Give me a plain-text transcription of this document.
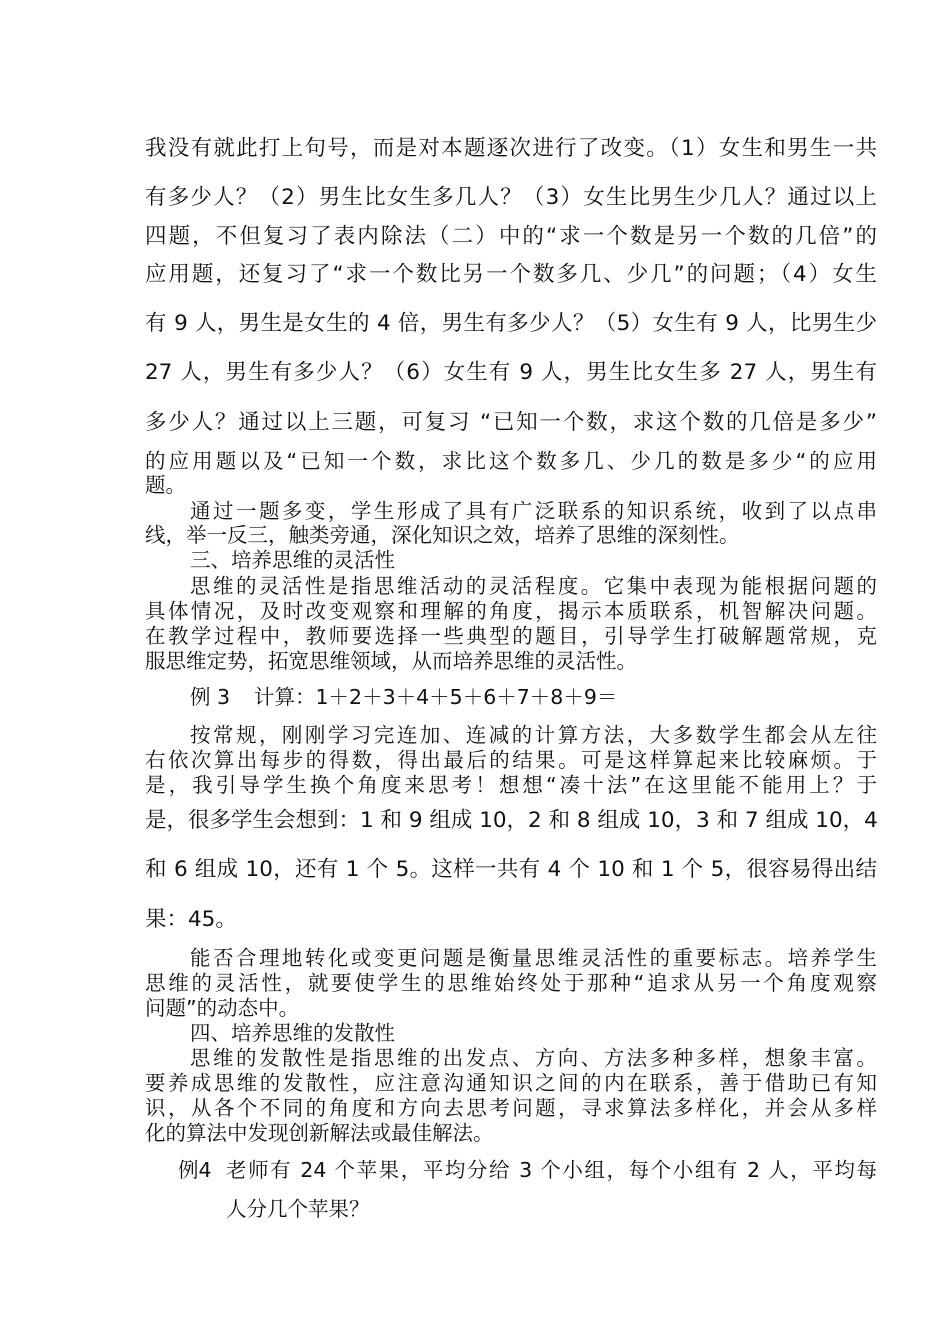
我没有就此打上句号，而是对本题逐次进行了改变。（1）女生和男生一共

有多少人？（2）男生比女生多几人？（3）女生比男生少几人？通过以上

四题，不但复习了表内除法（二）中的“求一个数是另一个数的几倍”的

应用题，还复习了“求一个数比另一个数多几、少几”的问题；（4）女生

有 9 人，男生是女生的 4 倍，男生有多少人？（5）女生有 9 人，比男生少

27 人，男生有多少人？（6）女生有 9 人，男生比女生多 27 人，男生有

多少人？通过以上三题，可复习 “已知一个数，求这个数的几倍是多少”

的应用题以及“已知一个数，求比这个数多几、少几的数是多少“的应用

题。

通过一题多变，学生形成了具有广泛联系的知识系统，收到了以点串

线，举一反三，触类旁通，深化知识之效，培养了思维的深刻性。

三、培养思维的灵活性

思维的灵活性是指思维活动的灵活程度。它集中表现为能根据问题的

具体情况，及时改变观察和理解的角度，揭示本质联系，机智解决问题。

在教学过程中，教师要选择一些典型的题目，引导学生打破解题常规，克

服思维定势，拓宽思维领域，从而培养思维的灵活性。

例 3 计算：1＋2＋3＋4＋5＋6＋7＋8＋9＝

按常规，刚刚学习完连加、连减的计算方法，大多数学生都会从左往

右依次算出每步的得数，得出最后的结果。可是这样算起来比较麻烦。于

是，我引导学生换个角度来思考！想想“凑十法”在这里能不能用上？于

是，很多学生会想到：1 和 9 组成 10，2 和 8 组成 10，3 和 7 组成 10，4

和 6 组成 10，还有 1 个 5。这样一共有 4 个 10 和 1 个 5，很容易得出结

果：45。

能否合理地转化或变更问题是衡量思维灵活性的重要标志。培养学生

思维的灵活性，就要使学生的思维始终处于那种“追求从另一个角度观察

问题”的动态中。

四、培养思维的发散性

思维的发散性是指思维的出发点、方向、方法多种多样，想象丰富。

要养成思维的发散性，应注意沟通知识之间的内在联系，善于借助已有知

识，从各个不同的角度和方向去思考问题，寻求算法多样化，并会从多样

化的算法中发现创新解法或最佳解法。

例4 老师有 24 个苹果，平均分给 3 个小组，每个小组有 2 人，平均每

人分几个苹果？
